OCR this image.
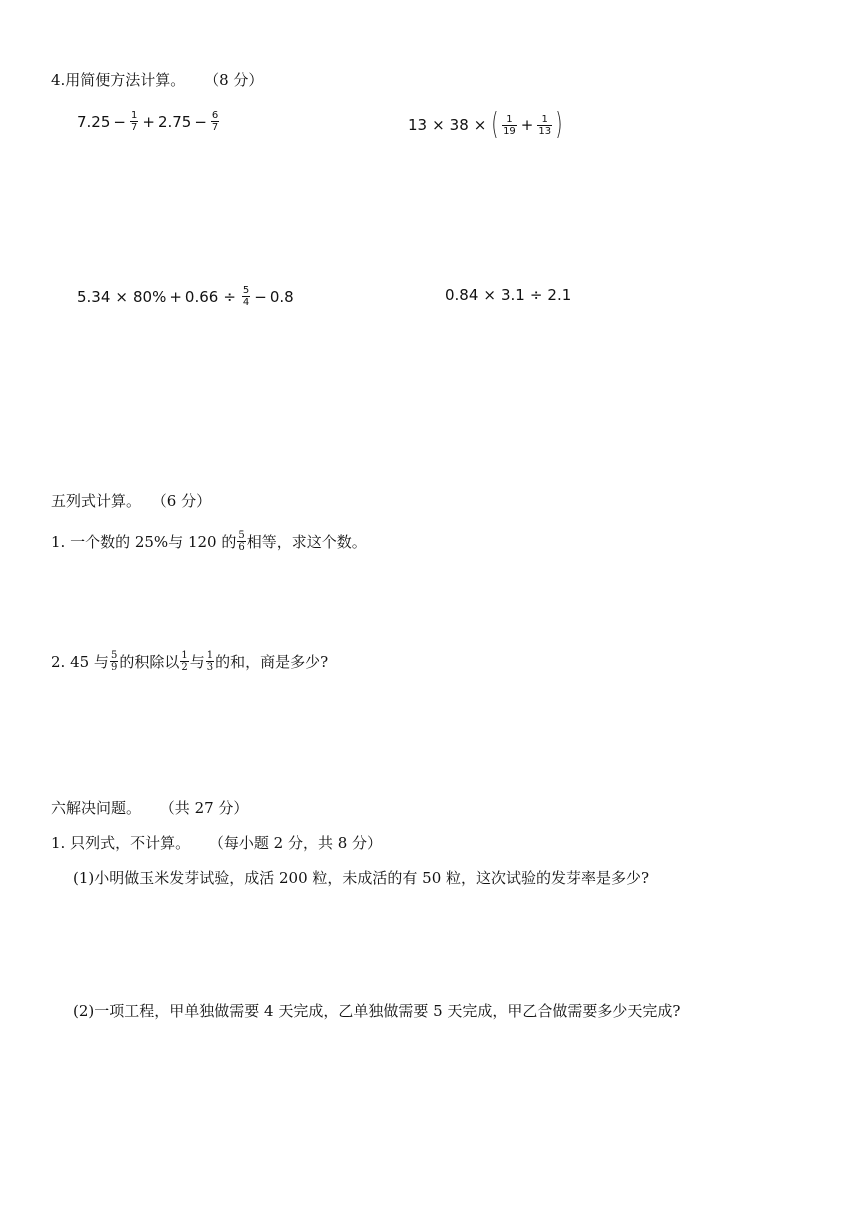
4.用简便方法计算。 （8 分）
$7.25 - \frac{1}{7} + 2.75 - \frac{6}{7}$	13 × 38 × ( $\frac{1}{19} + \frac{1}{13}$ )
$5.34 \times 80\% + 0.66 \div \frac{5}{4} - 0.8$	0.84 × 3.1 ÷ 2.1
五列式计算。 （6 分）
1. 一个数的 25%与 120 的 $\frac{5}{6}$ 相等，求这个数。
2. 45 与 $\frac{5}{9}$ 的积除以 $\frac{1}{2}$ 与 $\frac{1}{3}$ 的和，商是多少?
六解决问题。 （共 27 分）
1. 只列式，不计算。 （每小题 2 分，共 8 分）
(1)小明做玉米发芽试验，成活 200 粒，未成活的有 50 粒，这次试验的发芽率是多少?
(2)一项工程，甲单独做需要 4 天完成，乙单独做需要 5 天完成，甲乙合做需要多少天完成?
